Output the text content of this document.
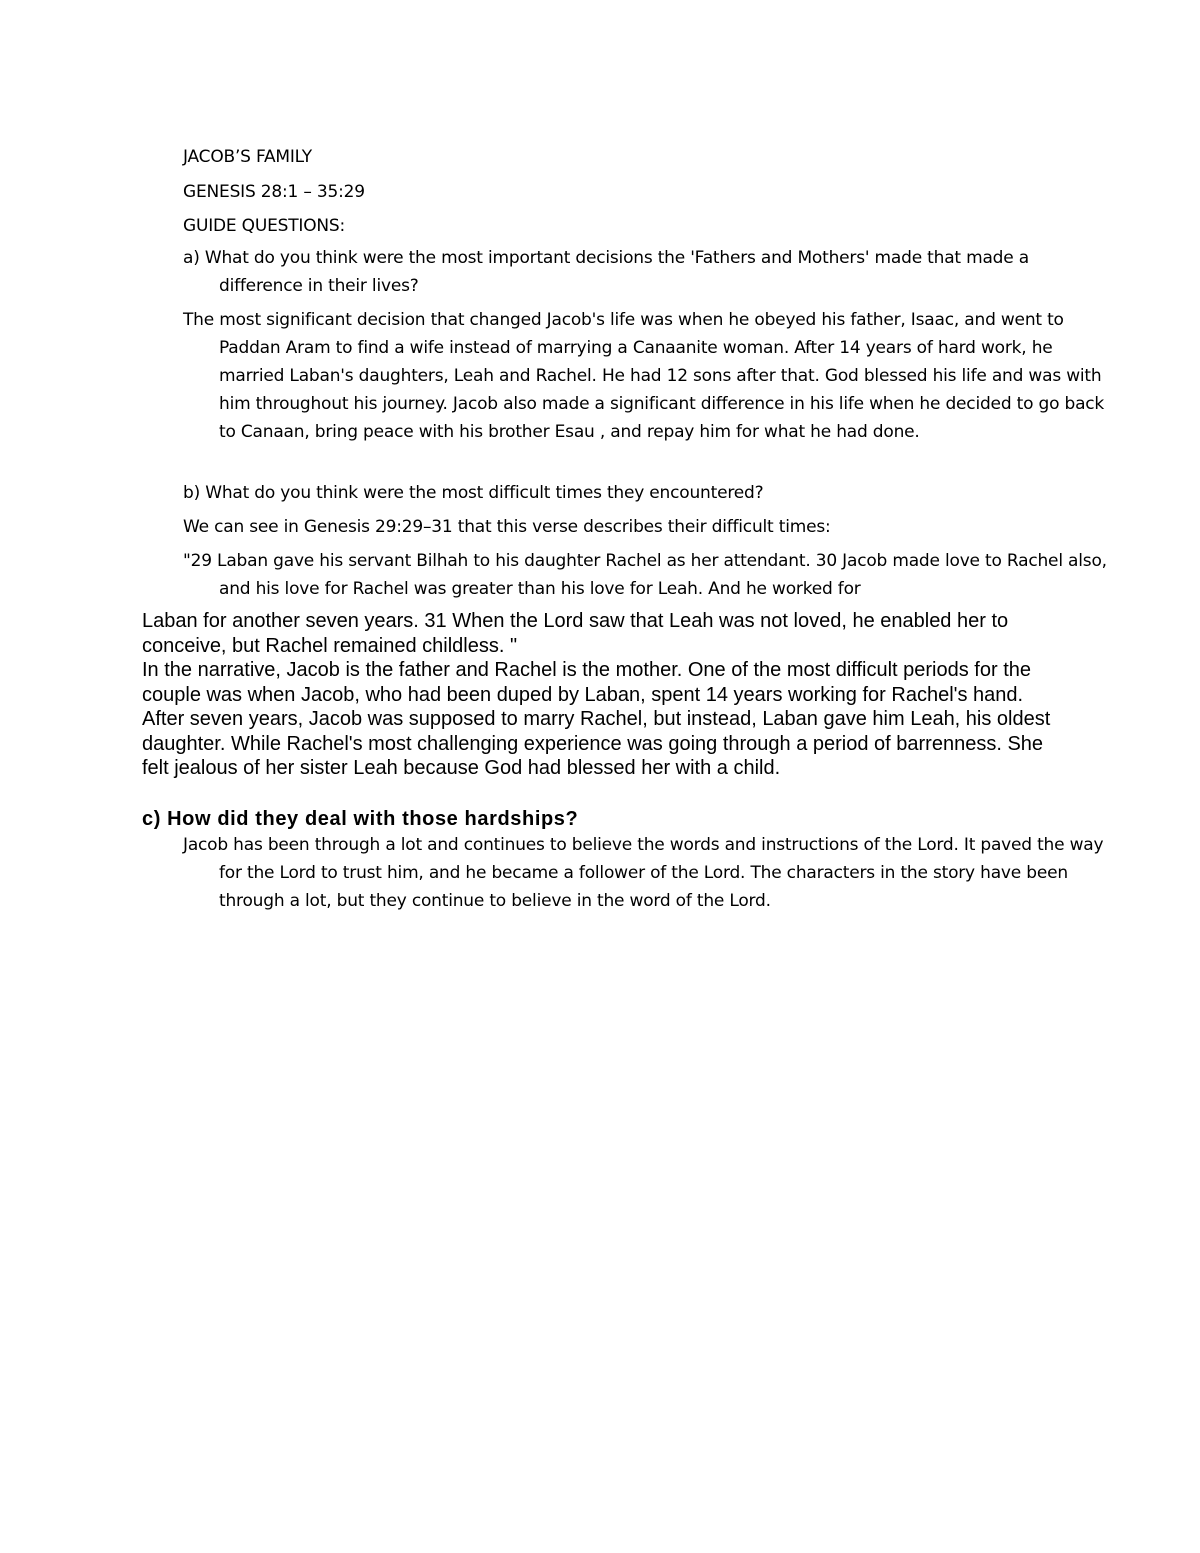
JACOB’S FAMILY
GENESIS 28:1 – 35:29
GUIDE QUESTIONS:
a) What do you think were the most important decisions the 'Fathers and Mothers' made that made a difference in their lives?
The most significant decision that changed Jacob's life was when he obeyed his father, Isaac, and went to Paddan Aram to find a wife instead of marrying a Canaanite woman. After 14 years of hard work, he married Laban's daughters, Leah and Rachel. He had 12 sons after that. God blessed his life and was with him throughout his journey. Jacob also made a significant difference in his life when he decided to go back to Canaan, bring peace with his brother Esau , and repay him for what he had done.
b) What do you think were the most difficult times they encountered?
We can see in Genesis 29:29–31 that this verse describes their difficult times:
"29 Laban gave his servant Bilhah to his daughter Rachel as her attendant. 30 Jacob made love to Rachel also, and his love for Rachel was greater than his love for Leah. And he worked for
Laban for another seven years. 31 When the Lord saw that Leah was not loved, he enabled her to conceive, but Rachel remained childless. "
In the narrative, Jacob is the father and Rachel is the mother. One of the most difficult periods for the couple was when Jacob, who had been duped by Laban, spent 14 years working for Rachel's hand. After seven years, Jacob was supposed to marry Rachel, but instead, Laban gave him Leah, his oldest daughter. While Rachel's most challenging experience was going through a period of barrenness. She felt jealous of her sister Leah because God had blessed her with a child.
c) How did they deal with those hardships?
Jacob has been through a lot and continues to believe the words and instructions of the Lord. It paved the way for the Lord to trust him, and he became a follower of the Lord. The characters in the story have been through a lot, but they continue to believe in the word of the Lord.
